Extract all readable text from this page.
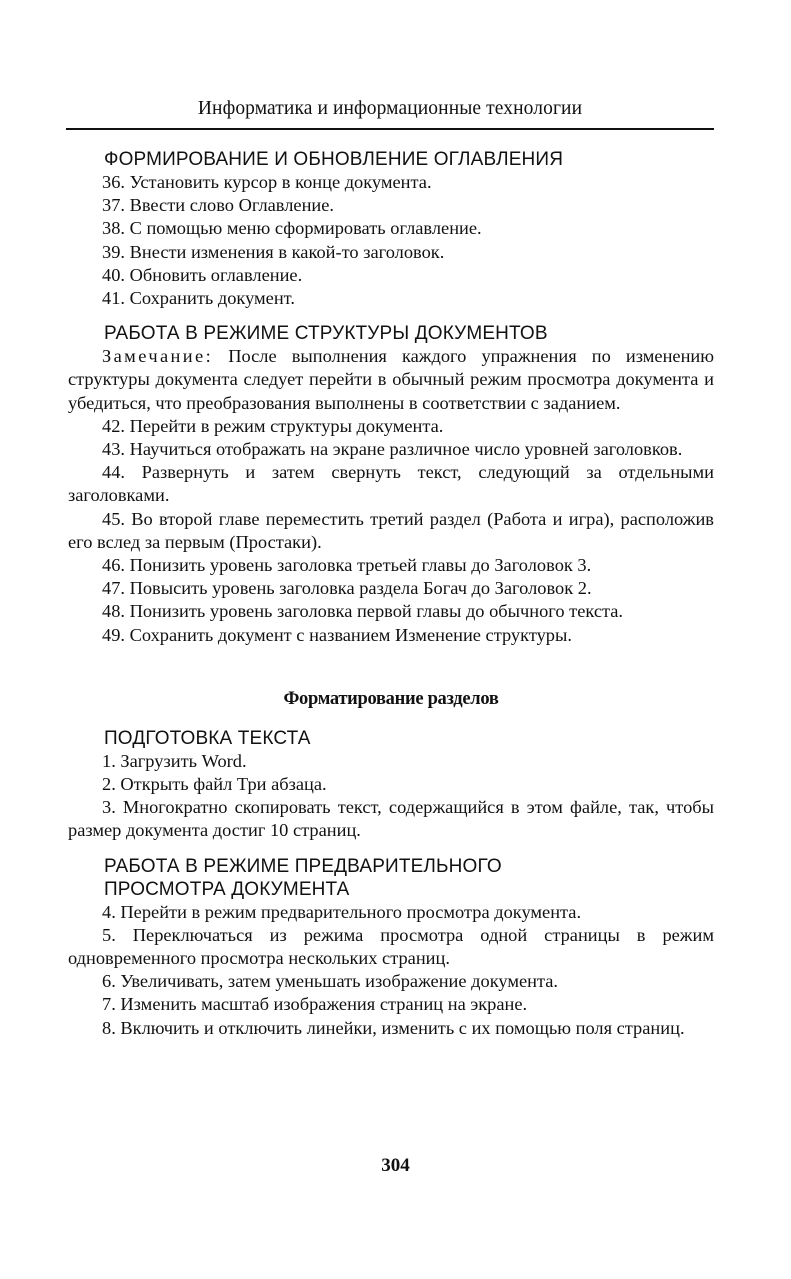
Информатика и информационные технологии

ФОРМИРОВАНИЕ И ОБНОВЛЕНИЕ ОГЛАВЛЕНИЯ

36. Установить курсор в конце документа.

37. Ввести слово Оглавление.

38. С помощью меню сформировать оглавление.

39. Внести изменения в какой-то заголовок.

40. Обновить оглавление.

41. Сохранить документ.

РАБОТА В РЕЖИМЕ СТРУКТУРЫ ДОКУМЕНТОВ

Замечание: После выполнения каждого упражнения по изменению структуры документа следует перейти в обычный режим просмотра документа и убедиться, что преобразования выполнены в соответствии с заданием.

42. Перейти в режим структуры документа.

43. Научиться отображать на экране различное число уровней заголовков.

44. Развернуть и затем свернуть текст, следующий за отдельными заголовками.

45. Во второй главе переместить третий раздел (Работа и игра), расположив его вслед за первым (Простаки).

46. Понизить уровень заголовка третьей главы до Заголовок 3.

47. Повысить уровень заголовка раздела Богач до Заголовок 2.

48. Понизить уровень заголовка первой главы до обычного текста.

49. Сохранить документ с названием Изменение структуры.

Форматирование разделов

ПОДГОТОВКА ТЕКСТА

1. Загрузить Word.

2. Открыть файл Три абзаца.

3. Многократно скопировать текст, содержащийся в этом файле, так, чтобы размер документа достиг 10 страниц.

РАБОТА В РЕЖИМЕ ПРЕДВАРИТЕЛЬНОГО

ПРОСМОТРА ДОКУМЕНТА

4. Перейти в режим предварительного просмотра документа.

5. Переключаться из режима просмотра одной страницы в режим одновременного просмотра нескольких страниц.

6. Увеличивать, затем уменьшать изображение документа.

7. Изменить масштаб изображения страниц на экране.

8. Включить и отключить линейки, изменить с их помощью поля страниц.

304
